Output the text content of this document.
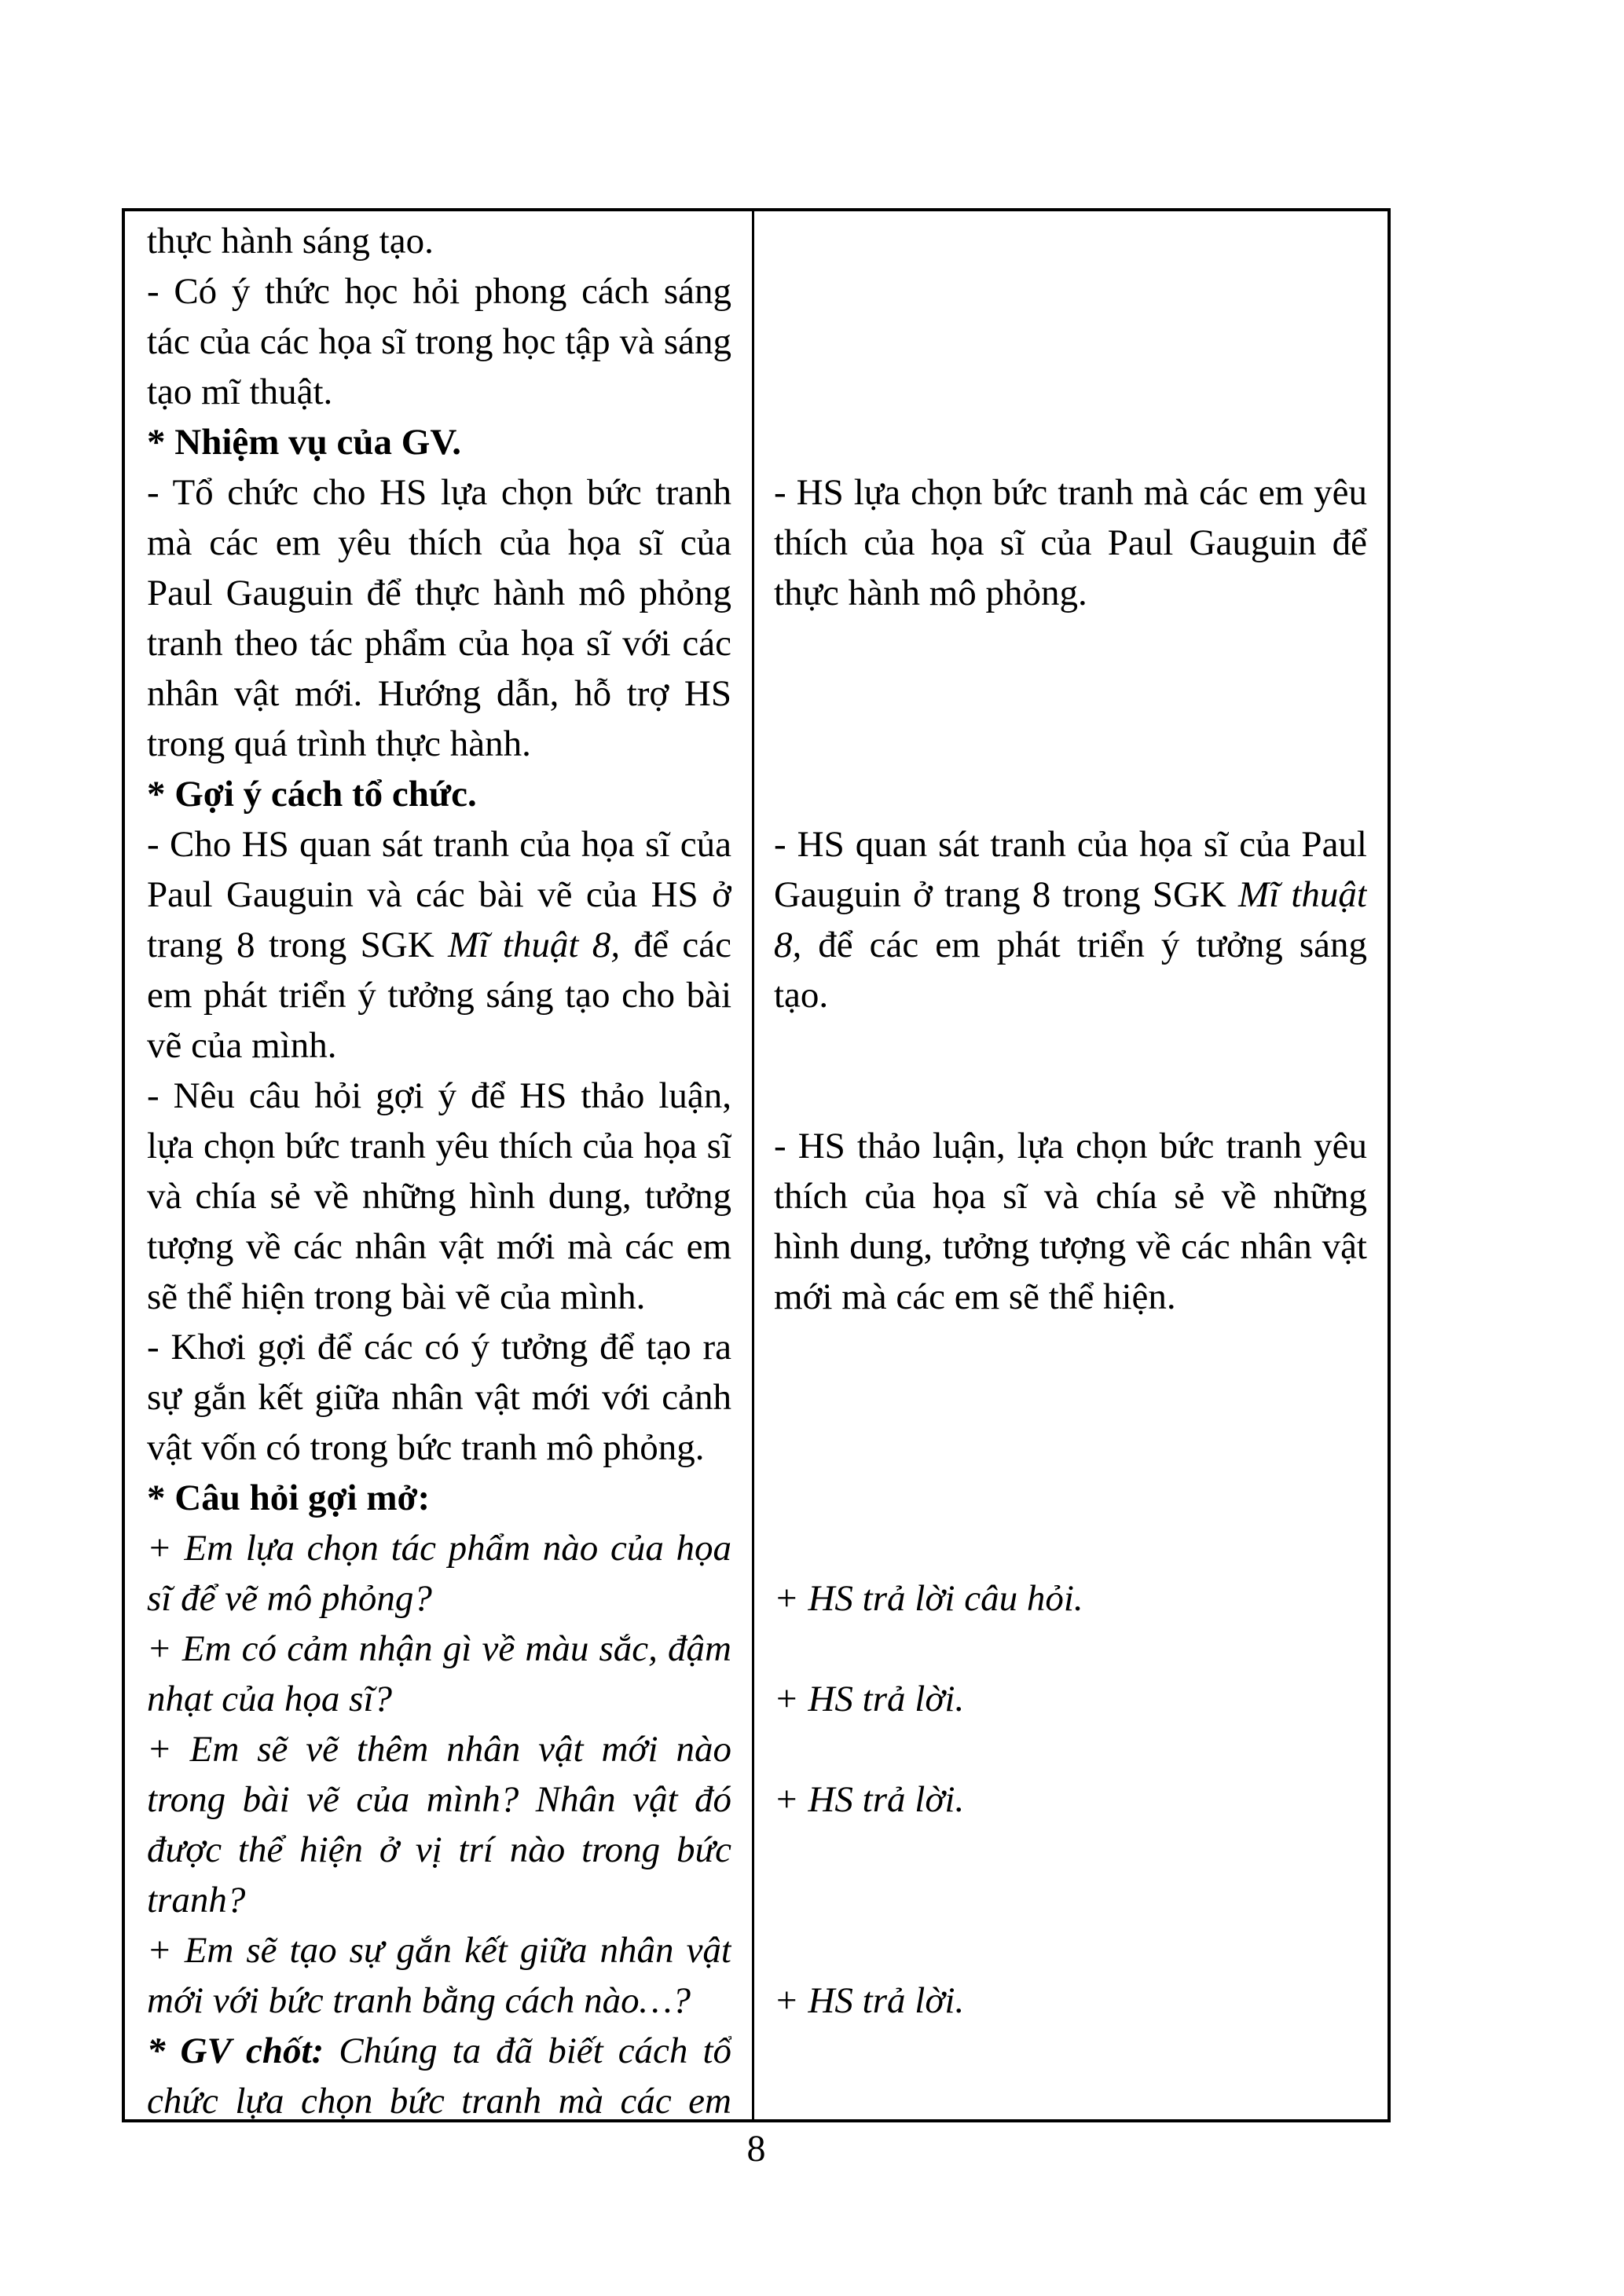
thực hành sáng tạo.
- Có ý thức học hỏi phong cách sáng
tác của các họa sĩ trong học tập và sáng
tạo mĩ thuật.
* Nhiệm vụ của GV.
- Tổ chức cho HS lựa chọn bức tranh
mà các em yêu thích của họa sĩ của
Paul Gauguin để thực hành mô phỏng
tranh theo tác phẩm của họa sĩ với các
nhân vật mới. Hướng dẫn, hỗ trợ HS
trong quá trình thực hành.
* Gợi ý cách tổ chức.
- Cho HS quan sát tranh của họa sĩ của
Paul Gauguin và các bài vẽ của HS ở
trang 8 trong SGK Mĩ thuật 8, để các
em phát triển ý tưởng sáng tạo cho bài
vẽ của mình.
- Nêu câu hỏi gợi ý để HS thảo luận,
lựa chọn bức tranh yêu thích của họa sĩ
và chía sẻ về những hình dung, tưởng
tượng về các nhân vật mới mà các em
sẽ thể hiện trong bài vẽ của mình.
- Khơi gợi để các có ý tưởng để tạo ra
sự gắn kết giữa nhân vật mới với cảnh
vật vốn có trong bức tranh mô phỏng.
* Câu hỏi gợi mở:
+ Em lựa chọn tác phẩm nào của họa
sĩ để vẽ mô phỏng?
+ Em có cảm nhận gì về màu sắc, đậm
nhạt của họa sĩ?
+ Em sẽ vẽ thêm nhân vật mới nào
trong bài vẽ của mình? Nhân vật đó
được thể hiện ở vị trí nào trong bức
tranh?
+ Em sẽ tạo sự gắn kết giữa nhân vật
mới với bức tranh bằng cách nào…?
* GV chốt: Chúng ta đã biết cách tổ
chức lựa chọn bức tranh mà các em

- HS lựa chọn bức tranh mà các em yêu
thích của họa sĩ của Paul Gauguin để
thực hành mô phỏng.

- HS quan sát tranh của họa sĩ của Paul
Gauguin ở trang 8 trong SGK Mĩ thuật
8, để các em phát triển ý tưởng sáng
tạo.

- HS thảo luận, lựa chọn bức tranh yêu
thích của họa sĩ và chía sẻ về những
hình dung, tưởng tượng về các nhân vật
mới mà các em sẽ thể hiện.

+ HS trả lời câu hỏi.

+ HS trả lời.

+ HS trả lời.

+ HS trả lời.

8
